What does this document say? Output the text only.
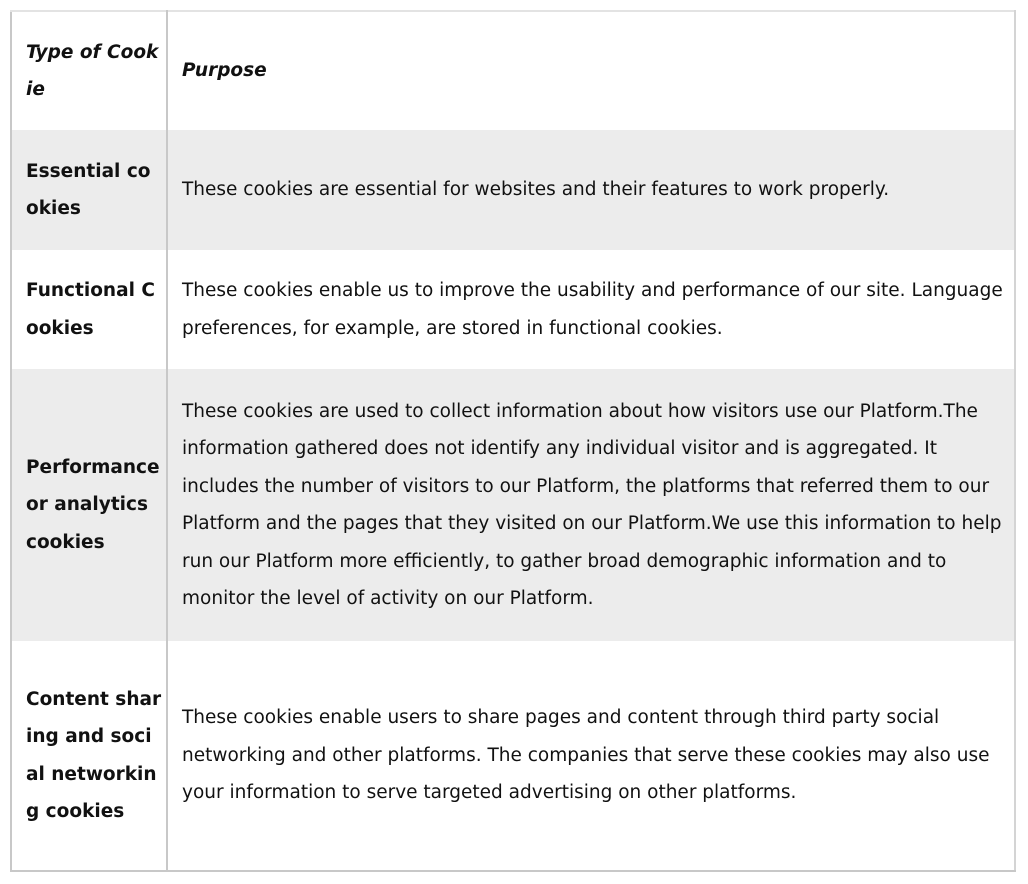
Type of Cookie	Purpose
Essential cookies	These cookies are essential for websites and their features to work properly.
Functional Cookies	These cookies enable us to improve the usability and performance of our site. Language preferences, for example, are stored in functional cookies.
Performance or analytics cookies	These cookies are used to collect information about how visitors use our Platform.The information gathered does not identify any individual visitor and is aggregated. It includes the number of visitors to our Platform, the platforms that referred them to our Platform and the pages that they visited on our Platform.We use this information to help run our Platform more efficiently, to gather broad demographic information and to monitor the level of activity on our Platform.
Content sharing and social networking cookies	These cookies enable users to share pages and content through third party social networking and other platforms. The companies that serve these cookies may also use your information to serve targeted advertising on other platforms.
